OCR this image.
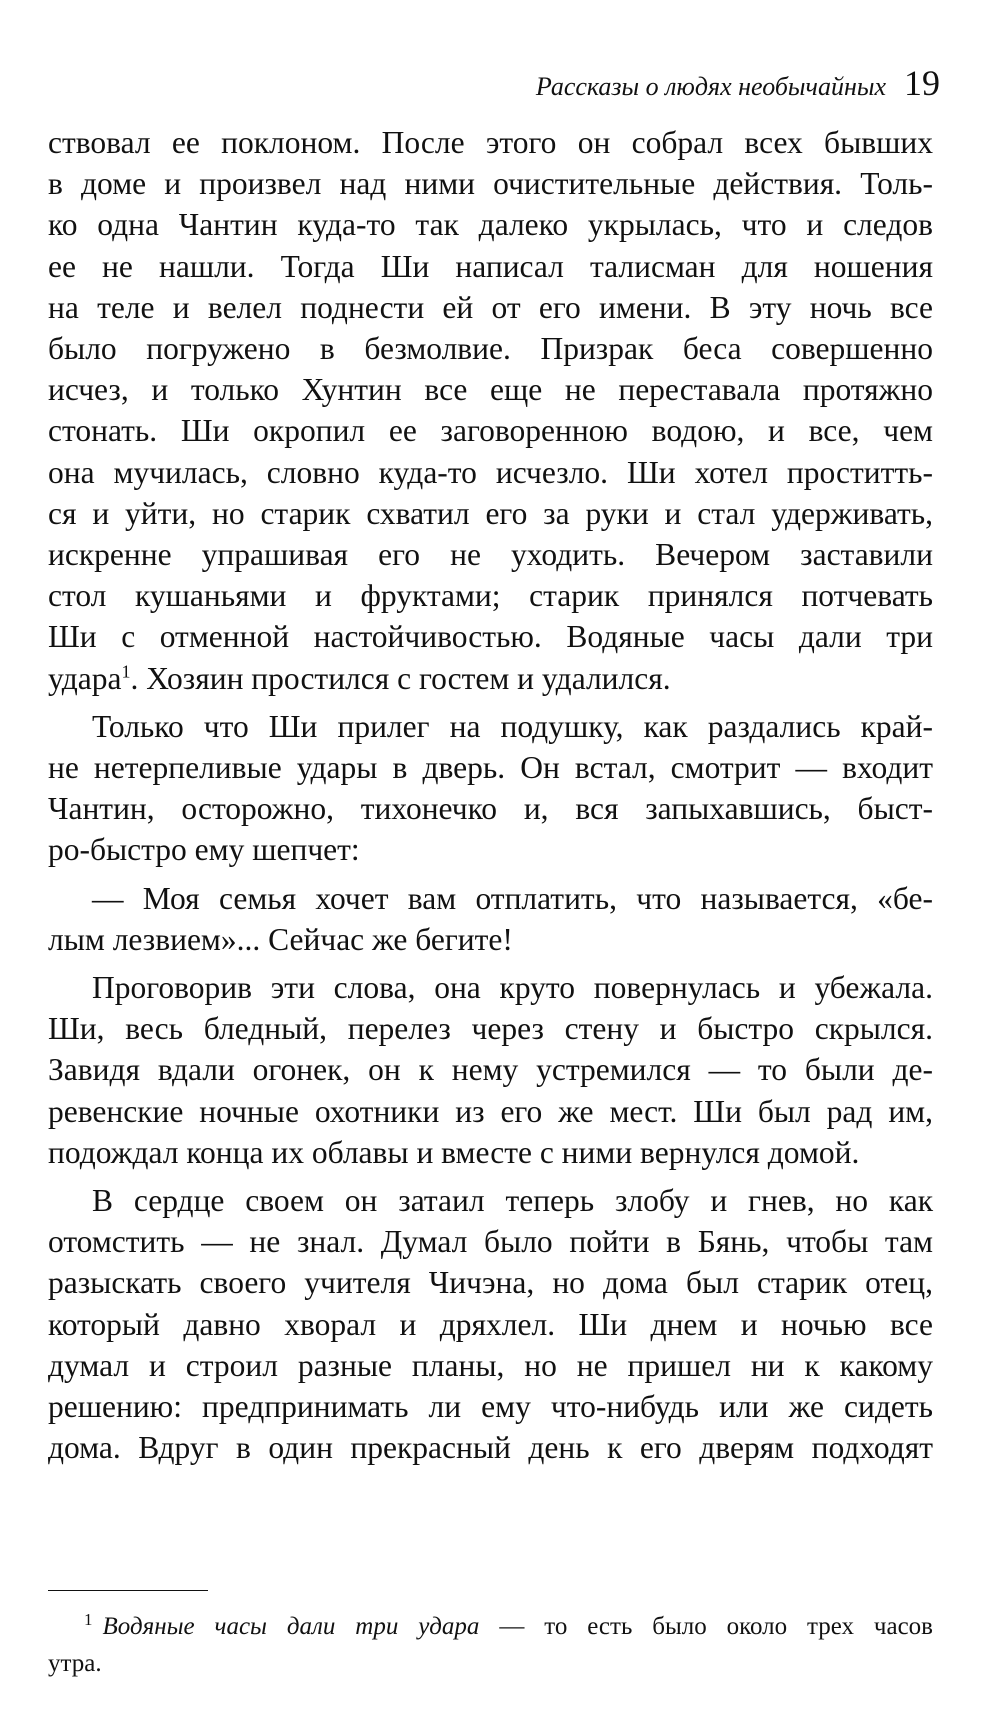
Рассказы о людях необычайных 19

ствовал ее поклоном. После этого он собрал всех бывших
в доме и произвел над ними очистительные действия. Толь-
ко одна Чантин куда-то так далеко укрылась, что и следов
ее не нашли. Тогда Ши написал талисман для ношения
на теле и велел поднести ей от его имени. В эту ночь все
было погружено в безмолвие. Призрак беса совершенно
исчез, и только Хунтин все еще не переставала протяжно
стонать. Ши окропил ее заговоренною водою, и все, чем
она мучилась, словно куда-то исчезло. Ши хотел проститть-
ся и уйти, но старик схватил его за руки и стал удерживать,
искренне упрашивая его не уходить. Вечером заставили
стол кушаньями и фруктами; старик принялся потчевать
Ши с отменной настойчивостью. Водяные часы дали три
удара$^1$. Хозяин простился с гостем и удалился.

Только что Ши прилег на подушку, как раздались край-
не нетерпеливые удары в дверь. Он встал, смотрит — входит
Чантин, осторожно, тихонечко и, вся запыхавшись, быст-
ро-быстро ему шепчет:

— Моя семья хочет вам отплатить, что называется, «бе-
лым лезвием»... Сейчас же бегите!

Проговорив эти слова, она круто повернулась и убежала.
Ши, весь бледный, перелез через стену и быстро скрылся.
Завидя вдали огонек, он к нему устремился — то были де-
ревенские ночные охотники из его же мест. Ши был рад им,
подождал конца их облавы и вместе с ними вернулся домой.

В сердце своем он затаил теперь злобу и гнев, но как
отомстить — не знал. Думал было пойти в Бянь, чтобы там
разыскать своего учителя Чичэна, но дома был старик отец,
который давно хворал и дряхлел. Ши днем и ночью все
думал и строил разные планы, но не пришел ни к какому
решению: предпринимать ли ему что-нибудь или же сидеть
дома. Вдруг в один прекрасный день к его дверям подходят

$^1$ Водяные часы дали три удара — то есть было около трех часов
утра.
